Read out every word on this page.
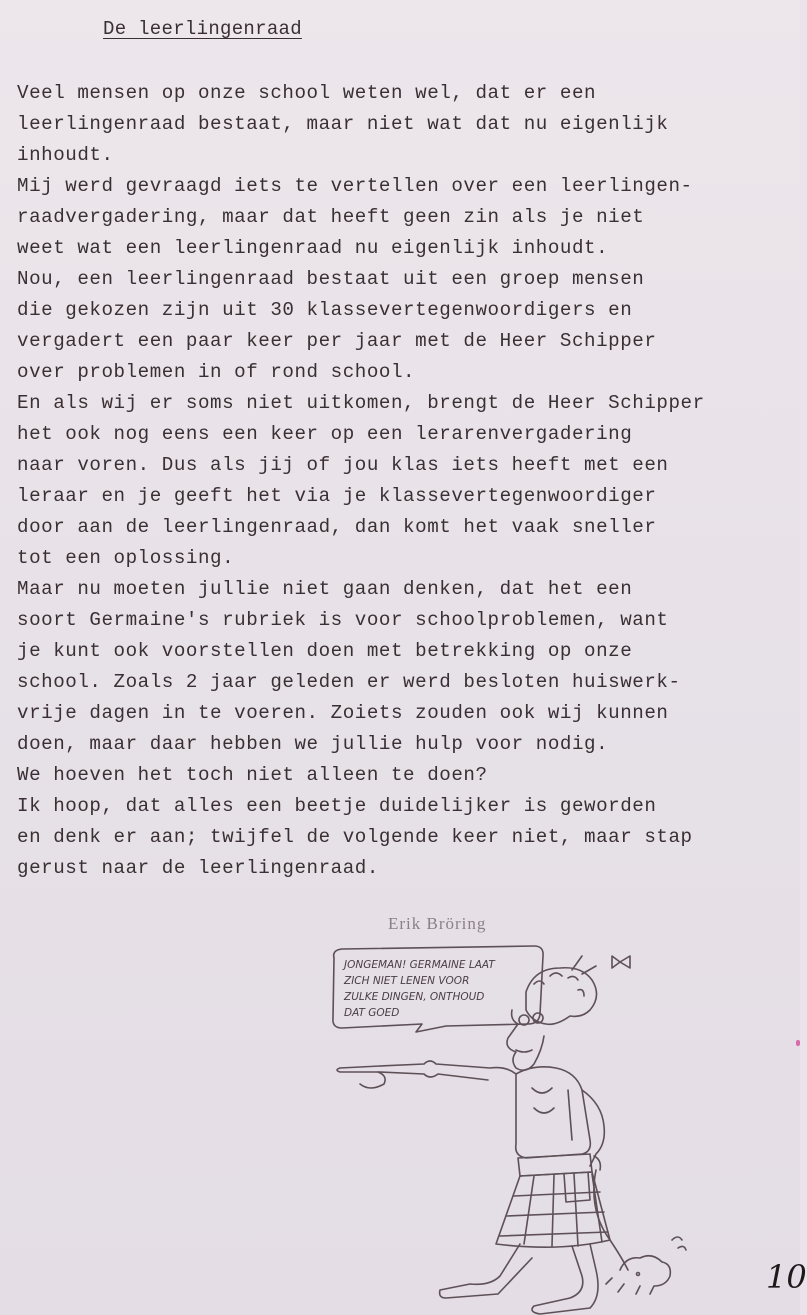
De leerlingenraad
Veel mensen op onze school weten wel, dat er een
leerlingenraad bestaat, maar niet wat dat nu eigenlijk
inhoudt.
Mij werd gevraagd iets te vertellen over een leerlingen-
raadvergadering, maar dat heeft geen zin als je niet
weet wat een leerlingenraad nu eigenlijk inhoudt.
Nou, een leerlingenraad bestaat uit een groep mensen
die gekozen zijn uit 30 klassevertegenwoordigers en
vergadert een paar keer per jaar met de Heer Schipper
over problemen in of rond school.
En als wij er soms niet uitkomen, brengt de Heer Schipper
het ook nog eens een keer op een lerarenvergadering
naar voren. Dus als jij of jou klas iets heeft met een
leraar en je geeft het via je klassevertegenwoordiger
door aan de leerlingenraad, dan komt het vaak sneller
tot een oplossing.
Maar nu moeten jullie niet gaan denken, dat het een
soort Germaine's rubriek is voor schoolproblemen, want
je kunt ook voorstellen doen met betrekking op onze
school. Zoals 2 jaar geleden er werd besloten huiswerk-
vrije dagen in te voeren. Zoiets zouden ook wij kunnen
doen, maar daar hebben we jullie hulp voor nodig.
We hoeven het toch niet alleen te doen?
Ik hoop, dat alles een beetje duidelijker is geworden
en denk er aan; twijfel de volgende keer niet, maar stap
gerust naar de leerlingenraad.
Erik Bröring
JONGEMAN! GERMAINE LAAT
ZICH NIET LENEN VOOR
ZULKE DINGEN, ONTHOUD
DAT GOED
10
